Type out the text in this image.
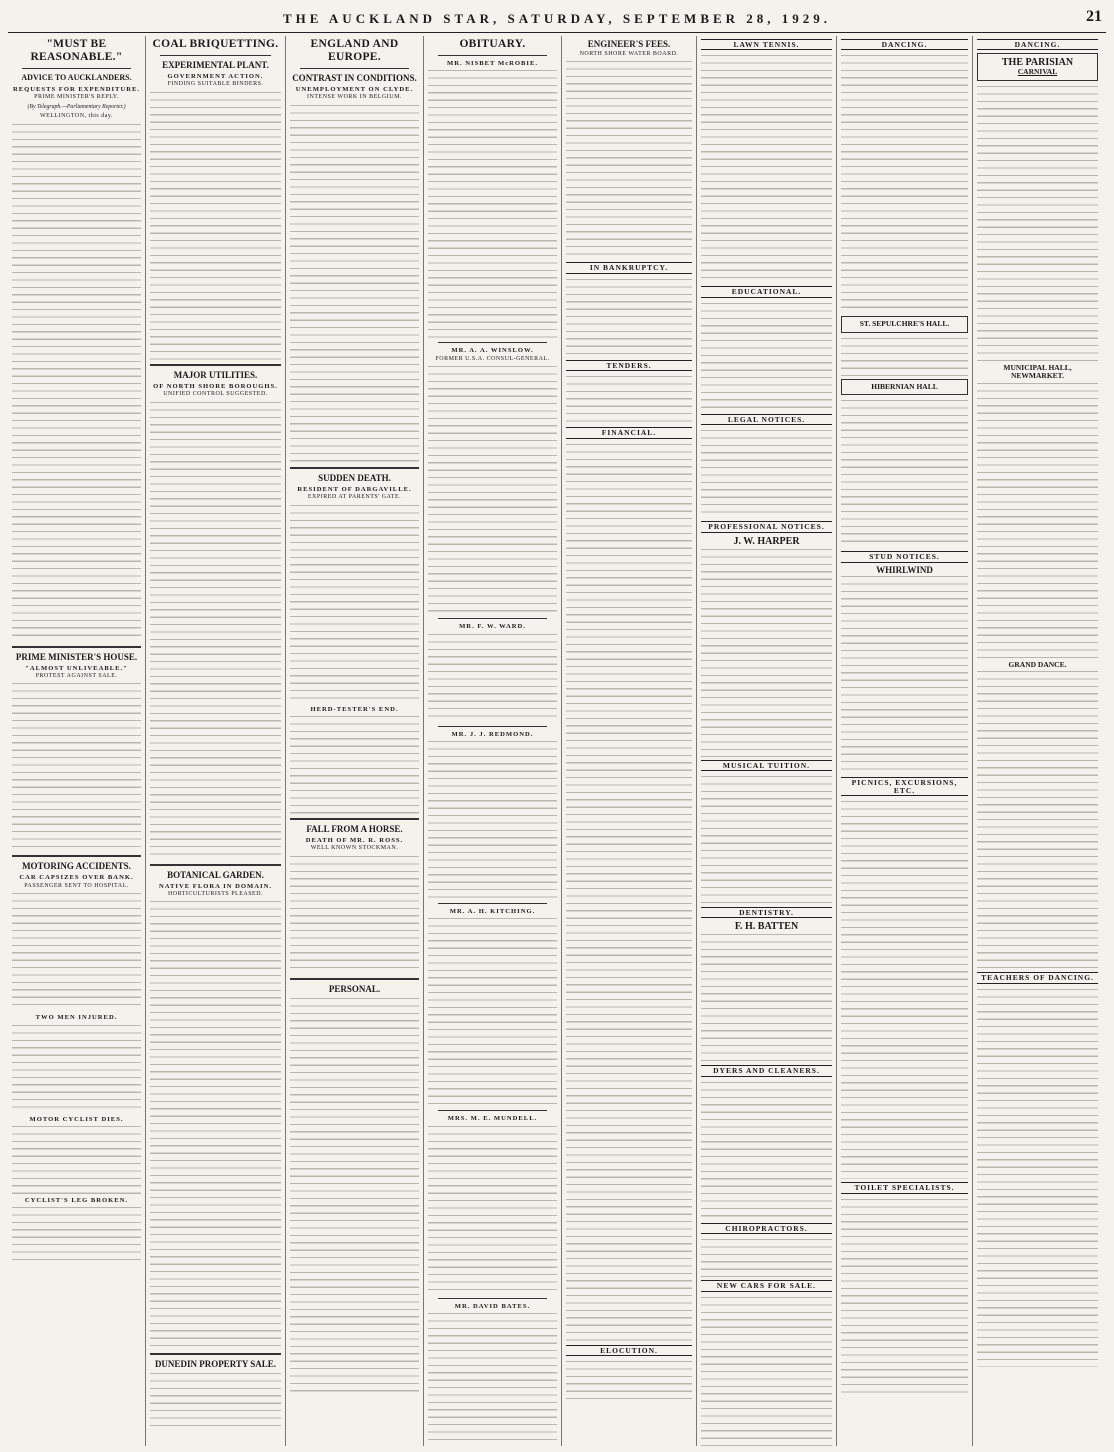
THE AUCKLAND STAR, SATURDAY, SEPTEMBER 28, 1929.	21
"MUST BE REASONABLE."
ADVICE TO AUCKLANDERS.
REQUESTS FOR EXPENDITURE.
PRIME MINISTER'S REPLY.
(By Telegraph.—Parliamentary Reporter.)
WELLINGTON, this day.
PRIME MINISTER'S HOUSE.
"ALMOST UNLIVEABLE."
PROTEST AGAINST SALE.
MOTORING ACCIDENTS.
CAR CAPSIZES OVER BANK.
PASSENGER SENT TO HOSPITAL.
TWO MEN INJURED.
MOTOR CYCLIST DIES.
CYCLIST'S LEG BROKEN.
COAL BRIQUETTING.
EXPERIMENTAL PLANT.
GOVERNMENT ACTION.
FINDING SUITABLE BINDERS.
MAJOR UTILITIES.
OF NORTH SHORE BOROUGHS.
UNIFIED CONTROL SUGGESTED.
BOTANICAL GARDEN.
NATIVE FLORA IN DOMAIN.
HORTICULTURISTS PLEASED.
DUNEDIN PROPERTY SALE.
ENGLAND AND EUROPE.
CONTRAST IN CONDITIONS.
UNEMPLOYMENT ON CLYDE.
INTENSE WORK IN BELGIUM.
SUDDEN DEATH.
RESIDENT OF DARGAVILLE.
EXPIRED AT PARENTS' GATE.
HERD-TESTER'S END.
FALL FROM A HORSE.
DEATH OF MR. R. ROSS.
WELL KNOWN STOCKMAN.
PERSONAL.
OBITUARY.
MR. NISBET McROBIE.
MR. A. A. WINSLOW.
FORMER U.S.A. CONSUL-GENERAL.
MR. F. W. WARD.
MR. J. J. REDMOND.
MR. A. H. KITCHING.
MRS. M. E. MUNDELL.
MR. DAVID BATES.
ENGINEER'S FEES.
NORTH SHORE WATER BOARD.
IN BANKRUPTCY.
TENDERS.
FINANCIAL.
ELOCUTION.
LAWN TENNIS.
EDUCATIONAL.
LEGAL NOTICES.
PROFESSIONAL NOTICES.
J. W. HARPER
MUSICAL TUITION.
DENTISTRY.
F. H. BATTEN
DYERS AND CLEANERS.
CHIROPRACTORS.
NEW CARS FOR SALE.
DANCING.
ST. SEPULCHRE'S HALL.
HIBERNIAN HALL
STUD NOTICES.
WHIRLWIND
PICNICS, EXCURSIONS, ETC.
TOILET SPECIALISTS.
DANCING.
THE PARISIAN
CARNIVAL
MUNICIPAL HALL, NEWMARKET.
GRAND DANCE.
TEACHERS OF DANCING.
